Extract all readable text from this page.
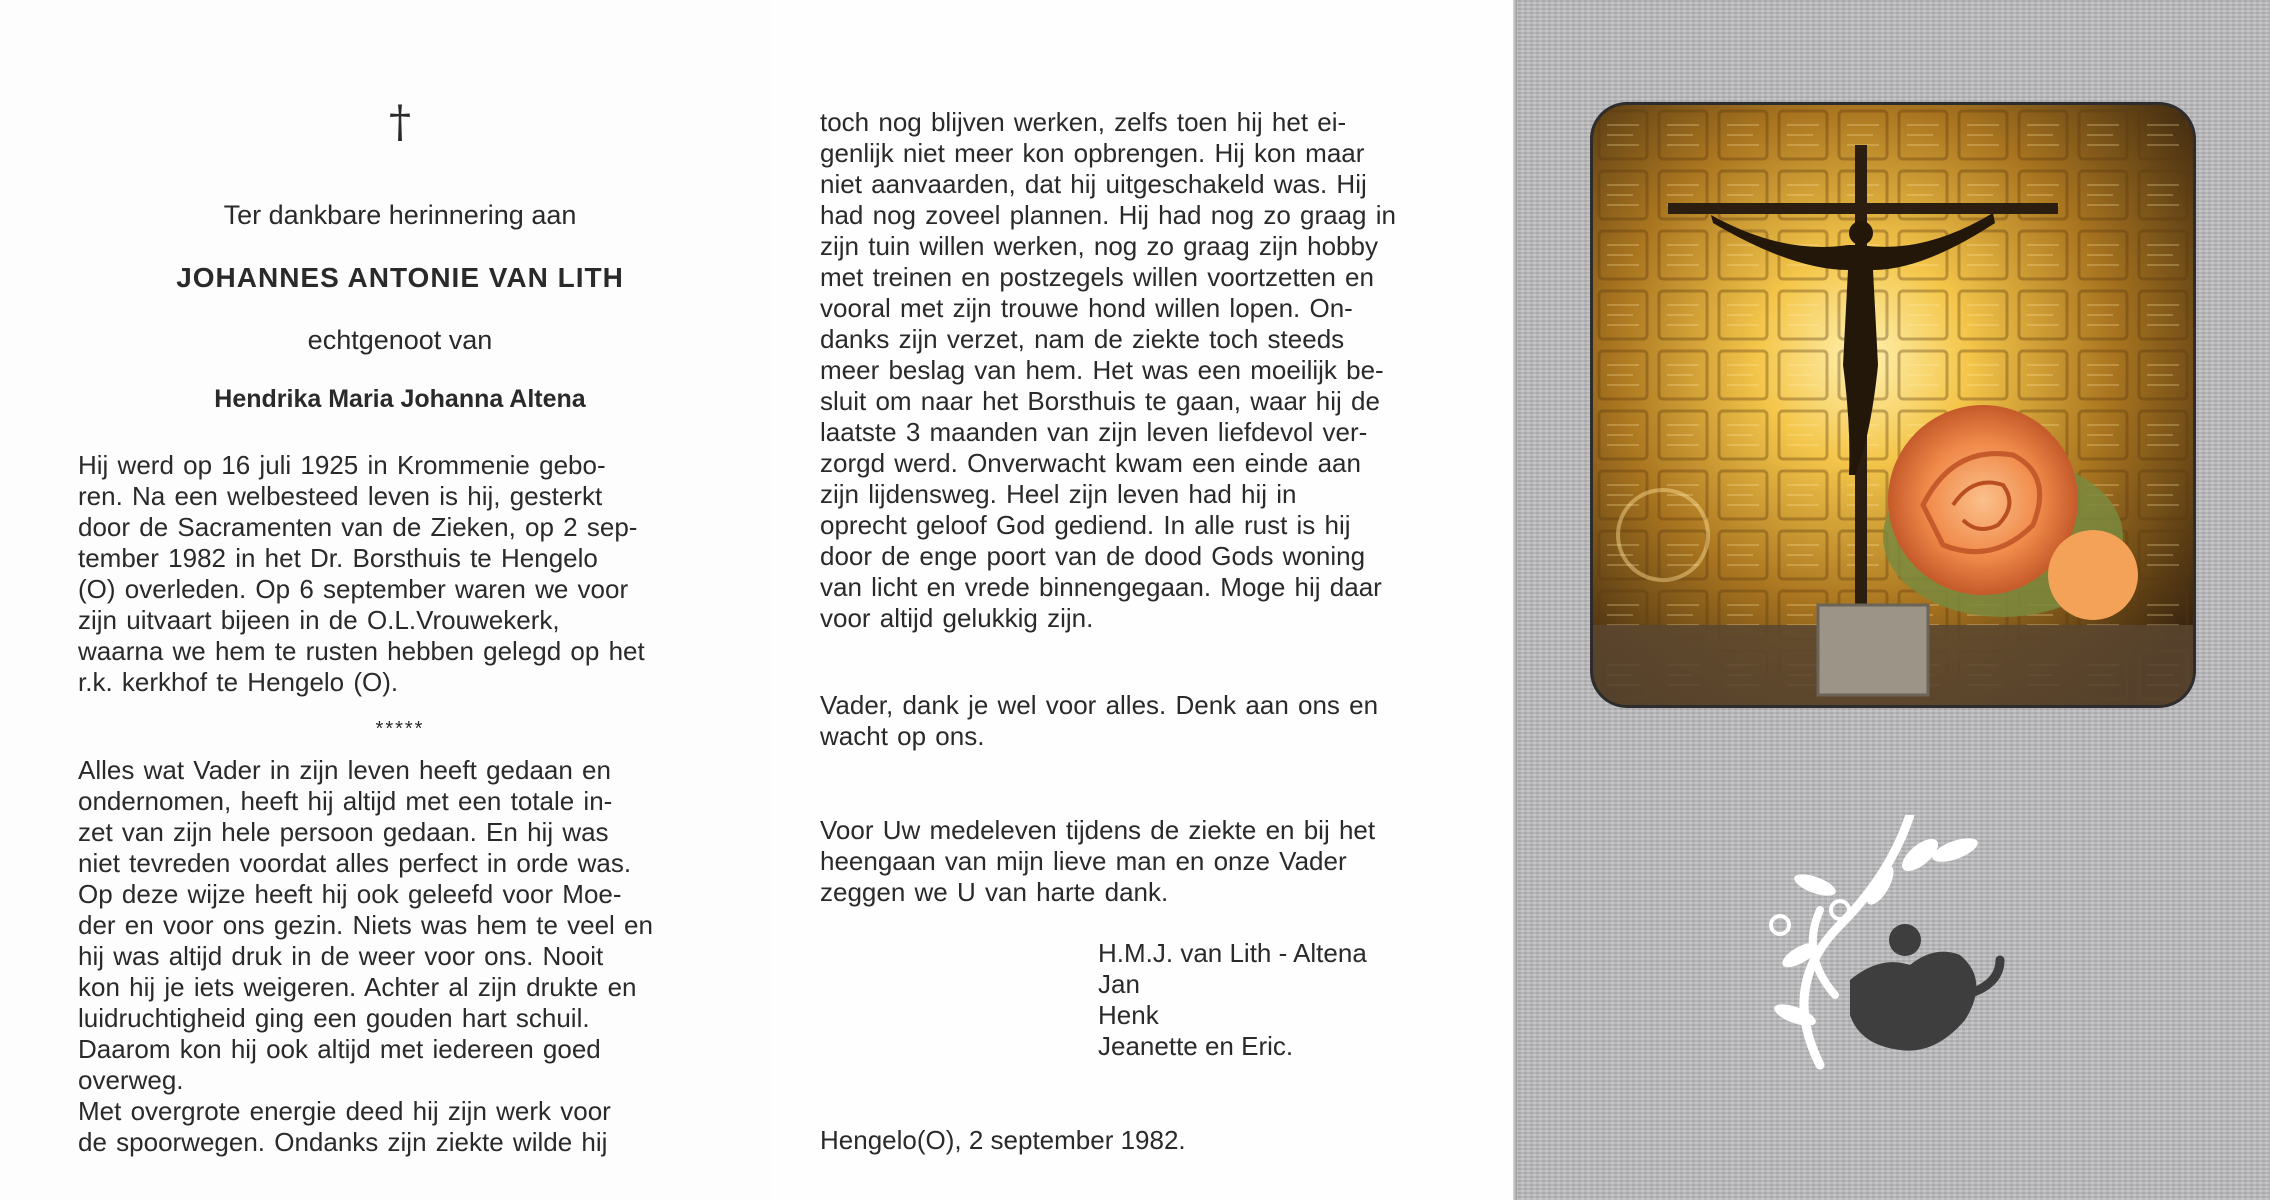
†
Ter dankbare herinnering aan
JOHANNES ANTONIE VAN LITH
echtgenoot van
Hendrika Maria Johanna Altena
Hij werd op 16 juli 1925 in Krommenie gebo-
ren. Na een welbesteed leven is hij, gesterkt
door de Sacramenten van de Zieken, op 2 sep-
tember 1982 in het Dr. Borsthuis te Hengelo
(O) overleden. Op 6 september waren we voor
zijn uitvaart bijeen in de O.L.Vrouwekerk,
waarna we hem te rusten hebben gelegd op het
r.k. kerkhof te Hengelo (O).
*****
Alles wat Vader in zijn leven heeft gedaan en
ondernomen, heeft hij altijd met een totale in-
zet van zijn hele persoon gedaan. En hij was
niet tevreden voordat alles perfect in orde was.
Op deze wijze heeft hij ook geleefd voor Moe-
der en voor ons gezin. Niets was hem te veel en
hij was altijd druk in de weer voor ons. Nooit
kon hij je iets weigeren. Achter al zijn drukte en
luidruchtigheid ging een gouden hart schuil.
Daarom kon hij ook altijd met iedereen goed
overweg.
Met overgrote energie deed hij zijn werk voor
de spoorwegen. Ondanks zijn ziekte wilde hij
toch nog blijven werken, zelfs toen hij het ei-
genlijk niet meer kon opbrengen. Hij kon maar
niet aanvaarden, dat hij uitgeschakeld was. Hij
had nog zoveel plannen. Hij had nog zo graag in
zijn tuin willen werken, nog zo graag zijn hobby
met treinen en postzegels willen voortzetten en
vooral met zijn trouwe hond willen lopen. On-
danks zijn verzet, nam de ziekte toch steeds
meer beslag van hem. Het was een moeilijk be-
sluit om naar het Borsthuis te gaan, waar hij de
laatste 3 maanden van zijn leven liefdevol ver-
zorgd werd. Onverwacht kwam een einde aan
zijn lijdensweg. Heel zijn leven had hij in
oprecht geloof God gediend. In alle rust is hij
door de enge poort van de dood Gods woning
van licht en vrede binnengegaan. Moge hij daar
voor altijd gelukkig zijn.
Vader, dank je wel voor alles. Denk aan ons en
wacht op ons.
Voor Uw medeleven tijdens de ziekte en bij het
heengaan van mijn lieve man en onze Vader
zeggen we U van harte dank.
H.M.J. van Lith - Altena
Jan
Henk
Jeanette en Eric.
Hengelo(O), 2 september 1982.
